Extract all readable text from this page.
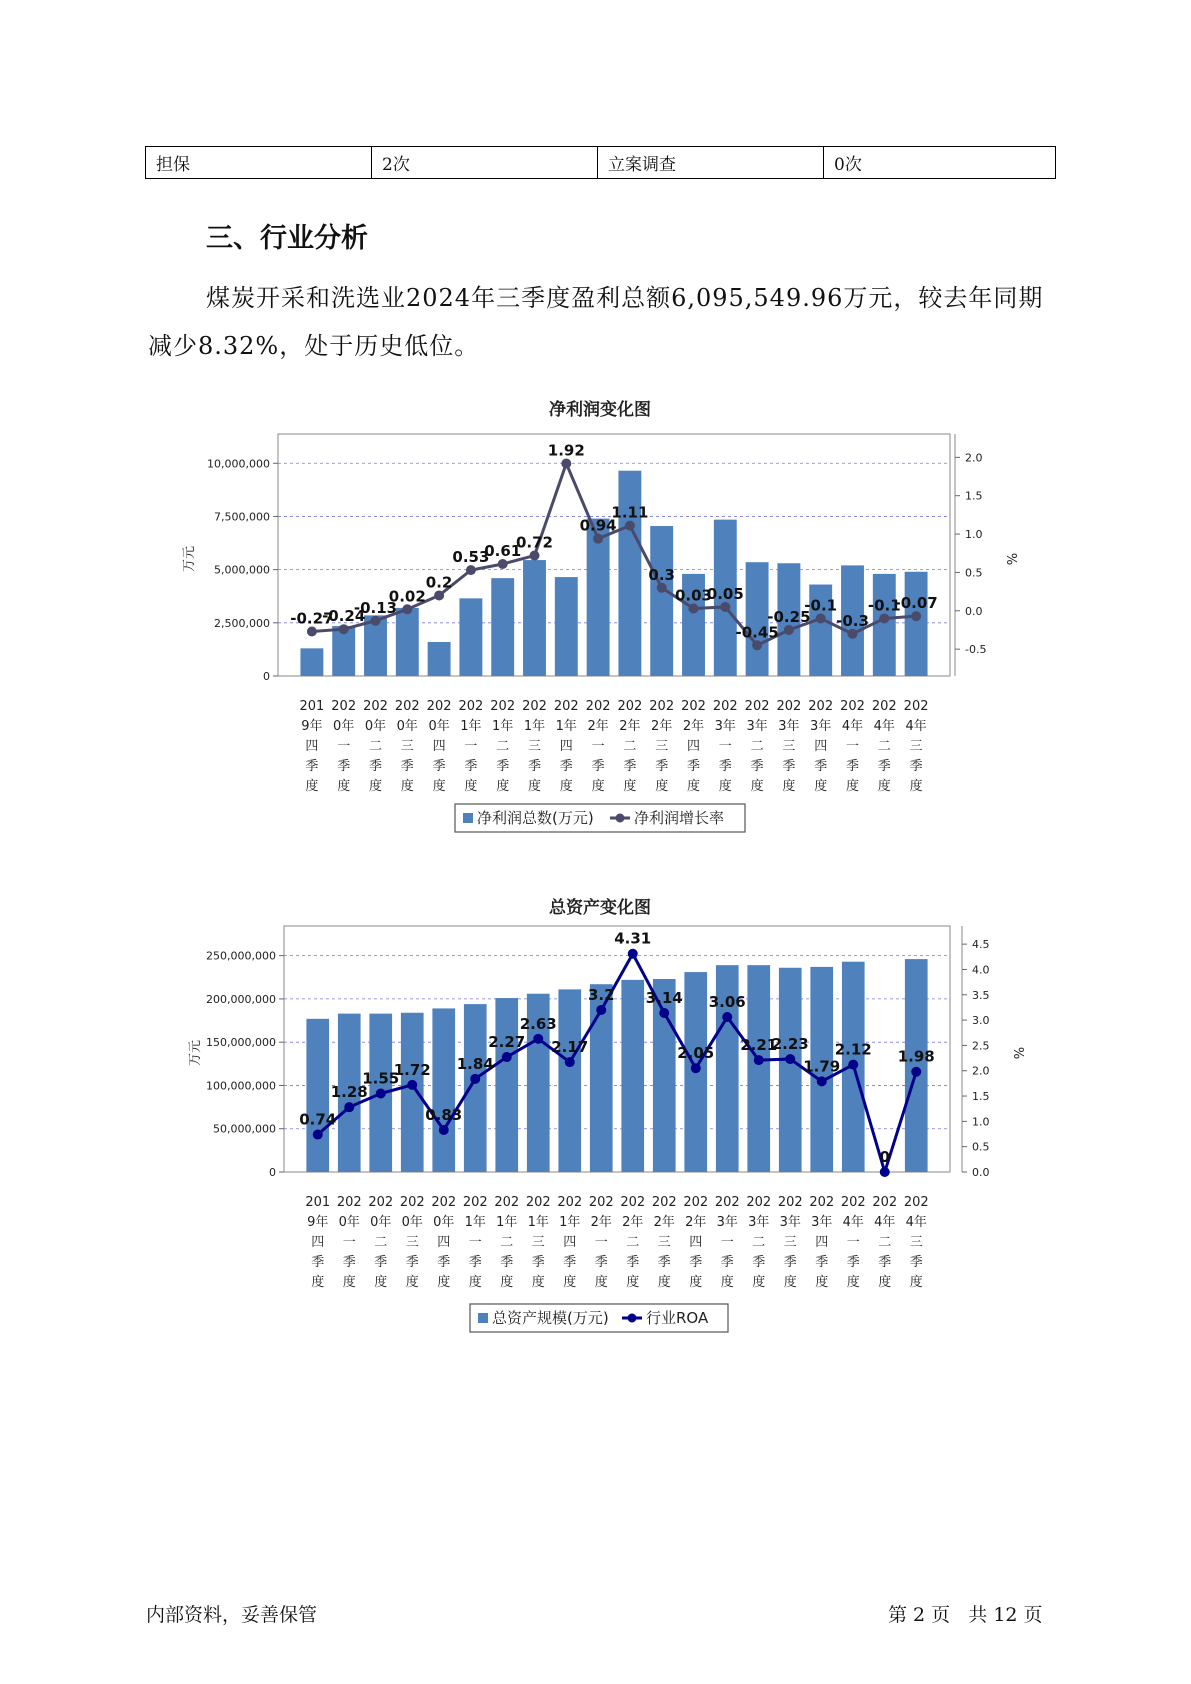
担保	2次	立案调查	0次
三、行业分析

煤炭开采和洗选业2024年三季度盈利总额6,095,549.96万元，较去年同期减少8.32%，处于历史低位。

净利润变化图
0
2,500,000
5,000,000
7,500,000
10,000,000
万元
-0.5
0.0
0.5
1.0
1.5
2.0
%
201
9年
四
季
度
202
0年
一
季
度
202
0年
二
季
度
202
0年
三
季
度
202
0年
四
季
度
202
1年
一
季
度
202
1年
二
季
度
202
1年
三
季
度
202
1年
四
季
度
202
2年
一
季
度
202
2年
二
季
度
202
2年
三
季
度
202
2年
四
季
度
202
3年
一
季
度
202
3年
二
季
度
202
3年
三
季
度
202
3年
四
季
度
202
4年
一
季
度
202
4年
二
季
度
202
4年
三
季
度
-0.27
-0.24
-0.13
0.02
0.2
0.53
0.61
0.72
1.92
0.94
1.11
0.3
0.03
0.05
-0.45
-0.25
-0.1
-0.3
-0.1
-0.07
净利润总数(万元)	净利润增长率
总资产变化图
0
50,000,000
100,000,000
150,000,000
200,000,000
250,000,000
万元
0.0
0.5
1.0
1.5
2.0
2.5
3.0
3.5
4.0
4.5
%
201
9年
四
季
度
202
0年
一
季
度
202
0年
二
季
度
202
0年
三
季
度
202
0年
四
季
度
202
1年
一
季
度
202
1年
二
季
度
202
1年
三
季
度
202
1年
四
季
度
202
2年
一
季
度
202
2年
二
季
度
202
2年
三
季
度
202
2年
四
季
度
202
3年
一
季
度
202
3年
二
季
度
202
3年
三
季
度
202
3年
四
季
度
202
4年
一
季
度
202
4年
二
季
度
202
4年
三
季
度
0.74
1.28
1.55
1.72
0.83
1.84
2.27
2.63
2.17
3.2
4.31
3.14
2.05
3.06
2.21
2.23
1.79
2.12
0
1.98
总资产规模(万元) 行业ROA
内部资料，妥善保管	第 2 页   共 12 页
